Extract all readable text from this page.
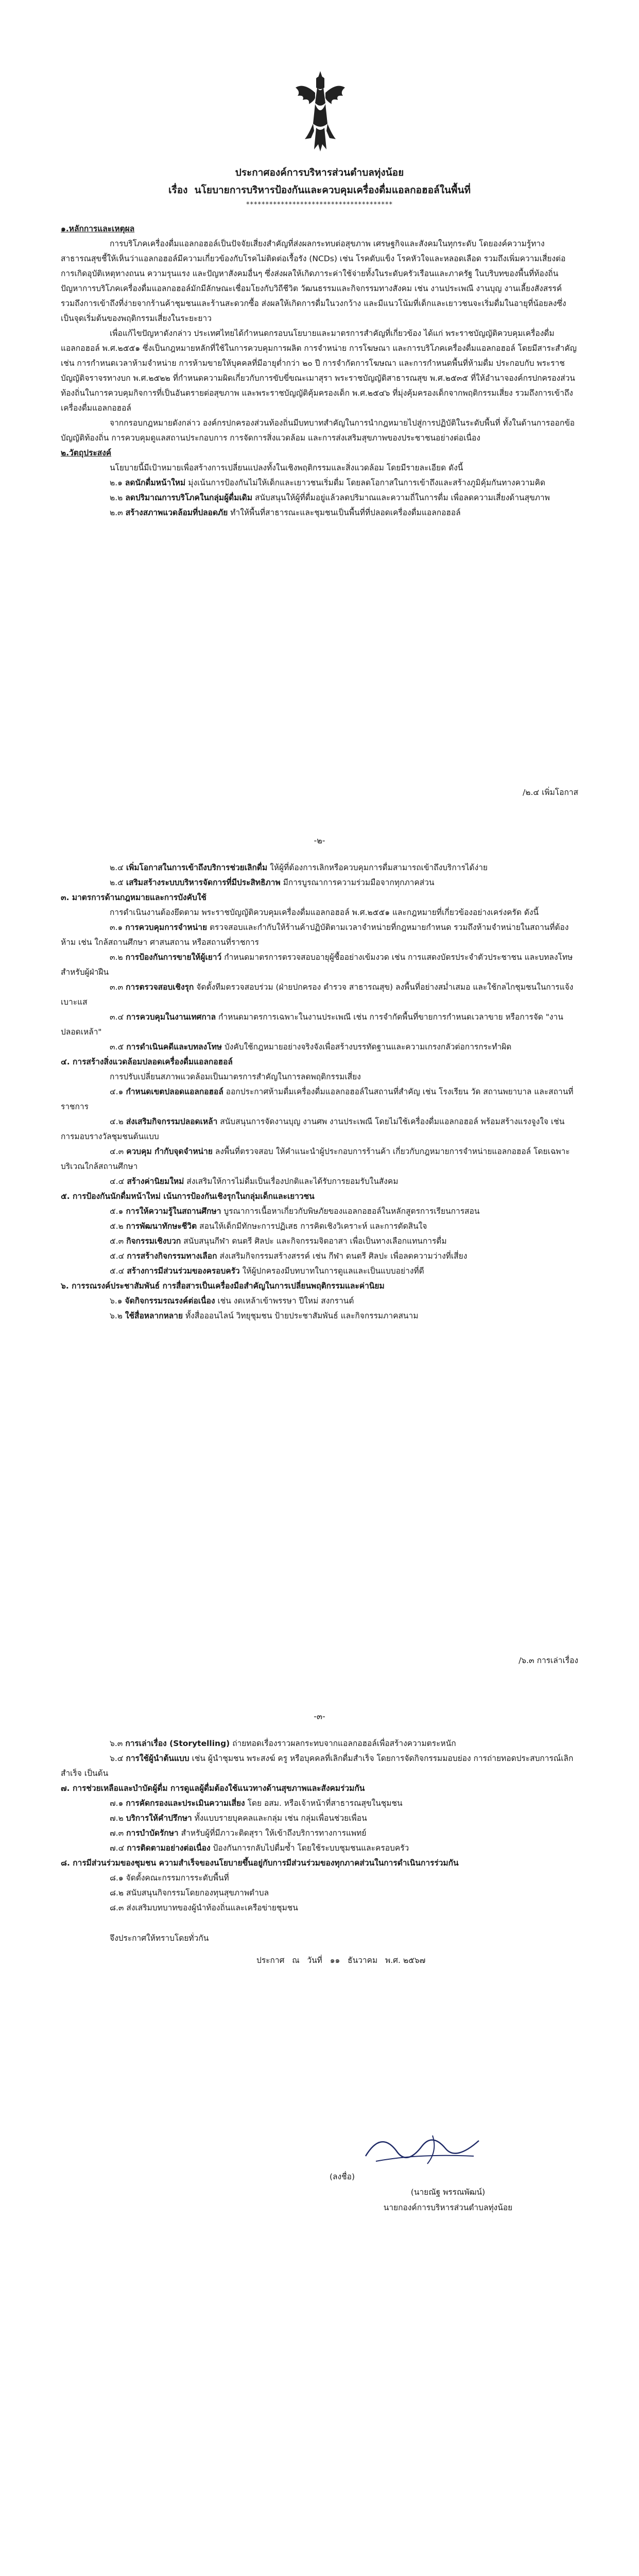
ประกาศองค์การบริหารส่วนตำบลทุ่งน้อย
เรื่อง นโยบายการบริหารป้องกันและควบคุมเครื่องดื่มแอลกอฮอล์ในพื้นที่
**************************************

๑.หลักการและเหตุผล

การบริโภคเครื่องดื่มแอลกอฮอล์เป็นปัจจัยเสี่ยงสำคัญที่ส่งผลกระทบต่อสุขภาพ เศรษฐกิจและสังคมในทุกระดับ โดยองค์ความรู้ทางสาธารณสุขชี้ให้เห็นว่าแอลกอฮอล์มีความเกี่ยวข้องกับโรคไม่ติดต่อเรื้อรัง (NCDs) เช่น โรคตับแข็ง โรคหัวใจและหลอดเลือด รวมถึงเพิ่มความเสี่ยงต่อการเกิดอุบัติเหตุทางถนน ความรุนแรง และปัญหาสังคมอื่นๆ ซึ่งส่งผลให้เกิดภาระค่าใช้จ่ายทั้งในระดับครัวเรือนและภาครัฐ ในบริบทของพื้นที่ท้องถิ่น ปัญหาการบริโภคเครื่องดื่มแอลกอฮอล์มักมีลักษณะเชื่อมโยงกับวิถีชีวิต วัฒนธรรมและกิจกรรมทางสังคม เช่น งานประเพณี งานบุญ งานเลี้ยงสังสรรค์ รวมถึงการเข้าถึงที่ง่ายจากร้านค้าชุมชนและร้านสะดวกซื้อ ส่งผลให้เกิดการดื่มในวงกว้าง และมีแนวโน้มที่เด็กและเยาวชนจะเริ่มดื่มในอายุที่น้อยลงซึ่งเป็นจุดเริ่มต้นของพฤติกรรมเสี่ยงในระยะยาว

เพื่อแก้ไขปัญหาดังกล่าว ประเทศไทยได้กำหนดกรอบนโยบายและมาตรการสำคัญที่เกี่ยวข้อง ได้แก่ พระราชบัญญัติควบคุมเครื่องดื่มแอลกอฮอล์ พ.ศ.๒๕๕๑ ซึ่งเป็นกฎหมายหลักที่ใช้ในการควบคุมการผลิต การจำหน่าย การโฆษณา และการบริโภคเครื่องดื่มแอลกอฮอล์ โดยมีสาระสำคัญ เช่น การกำหนดเวลาห้ามจำหน่าย การห้ามขายให้บุคคลที่มีอายุต่ำกว่า ๒๐ ปี การจำกัดการโฆษณา และการกำหนดพื้นที่ห้ามดื่ม ประกอบกับ พระราชบัญญัติจราจรทางบก พ.ศ.๒๕๒๒ ที่กำหนดความผิดเกี่ยวกับการขับขี่ขณะเมาสุรา พระราชบัญญัติสาธารณสุข พ.ศ.๒๕๓๕ ที่ให้อำนาจองค์กรปกครองส่วนท้องถิ่นในการควบคุมกิจการที่เป็นอันตรายต่อสุขภาพ และพระราชบัญญัติคุ้มครองเด็ก พ.ศ.๒๕๔๖ ที่มุ่งคุ้มครองเด็กจากพฤติกรรมเสี่ยง รวมถึงการเข้าถึงเครื่องดื่มแอลกอฮอล์

จากกรอบกฎหมายดังกล่าว องค์กรปกครองส่วนท้องถิ่นมีบทบาทสำคัญในการนำกฎหมายไปสู่การปฏิบัติในระดับพื้นที่ ทั้งในด้านการออกข้อบัญญัติท้องถิ่น การควบคุมดูแลสถานประกอบการ การจัดการสิ่งแวดล้อม และการส่งเสริมสุขภาพของประชาชนอย่างต่อเนื่อง

๒.วัตถุประสงค์

นโยบายนี้มีเป้าหมายเพื่อสร้างการเปลี่ยนแปลงทั้งในเชิงพฤติกรรมและสิ่งแวดล้อม โดยมีรายละเอียด ดังนี้

๒.๑ ลดนักดื่มหน้าใหม่ มุ่งเน้นการป้องกันไม่ให้เด็กและเยาวชนเริ่มดื่ม โดยลดโอกาสในการเข้าถึงและสร้างภูมิคุ้มกันทางความคิด

๒.๒ ลดปริมาณการบริโภคในกลุ่มผู้ดื่มเดิม สนับสนุนให้ผู้ที่ดื่มอยู่แล้วลดปริมาณและความถี่ในการดื่ม เพื่อลดความเสี่ยงด้านสุขภาพ

๒.๓ สร้างสภาพแวดล้อมที่ปลอดภัย ทำให้พื้นที่สาธารณะและชุมชนเป็นพื้นที่ที่ปลอดเครื่องดื่มแอลกอฮอล์

/๒.๔ เพิ่มโอกาส
-๒-

๒.๔ เพิ่มโอกาสในการเข้าถึงบริการช่วยเลิกดื่ม ให้ผู้ที่ต้องการเลิกหรือควบคุมการดื่มสามารถเข้าถึงบริการได้ง่าย

๒.๕ เสริมสร้างระบบบริหารจัดการที่มีประสิทธิภาพ มีการบูรณาการความร่วมมือจากทุกภาคส่วน

๓. มาตรการด้านกฎหมายและการบังคับใช้

การดำเนินงานต้องยึดตาม พระราชบัญญัติควบคุมเครื่องดื่มแอลกอฮอล์ พ.ศ.๒๕๕๑ และกฎหมายที่เกี่ยวข้องอย่างเคร่งครัด ดังนี้

๓.๑ การควบคุมการจำหน่าย ตรวจสอบและกำกับให้ร้านค้าปฏิบัติตามเวลาจำหน่ายที่กฎหมายกำหนด รวมถึงห้ามจำหน่ายในสถานที่ต้องห้าม เช่น ใกล้สถานศึกษา ศาสนสถาน หรือสถานที่ราชการ

๓.๒ การป้องกันการขายให้ผู้เยาว์ กำหนดมาตรการตรวจสอบอายุผู้ซื้ออย่างเข้มงวด เช่น การแสดงบัตรประจำตัวประชาชน และบทลงโทษสำหรับผู้ฝ่าฝืน

๓.๓ การตรวจสอบเชิงรุก จัดตั้งทีมตรวจสอบร่วม (ฝ่ายปกครอง ตำรวจ สาธารณสุข) ลงพื้นที่อย่างสม่ำเสมอ และใช้กลไกชุมชนในการแจ้งเบาะแส

๓.๔ การควบคุมในงานเทศกาล กำหนดมาตรการเฉพาะในงานประเพณี เช่น การจำกัดพื้นที่ขายการกำหนดเวลาขาย หรือการจัด "งานปลอดเหล้า"

๓.๕ การดำเนินคดีและบทลงโทษ บังคับใช้กฎหมายอย่างจริงจังเพื่อสร้างบรรทัดฐานและความเกรงกลัวต่อการกระทำผิด

๔. การสร้างสิ่งแวดล้อมปลอดเครื่องดื่มแอลกอฮอล์

การปรับเปลี่ยนสภาพแวดล้อมเป็นมาตรการสำคัญในการลดพฤติกรรมเสี่ยง

๔.๑ กำหนดเขตปลอดแอลกอฮอล์ ออกประกาศห้ามดื่มเครื่องดื่มแอลกอฮอล์ในสถานที่สำคัญ เช่น โรงเรียน วัด สถานพยาบาล และสถานที่ราชการ

๔.๒ ส่งเสริมกิจกรรมปลอดเหล้า สนับสนุนการจัดงานบุญ งานศพ งานประเพณี โดยไม่ใช้เครื่องดื่มแอลกอฮอล์ พร้อมสร้างแรงจูงใจ เช่น การมอบรางวัลชุมชนต้นแบบ

๔.๓ ควบคุม กำกับจุดจำหน่าย ลงพื้นที่ตรวจสอบ ให้คำแนะนำผู้ประกอบการร้านค้า เกี่ยวกับกฎหมายการจำหน่ายแอลกอฮอล์ โดยเฉพาะบริเวณใกล้สถานศึกษา

๔.๔ สร้างค่านิยมใหม่ ส่งเสริมให้การไม่ดื่มเป็นเรื่องปกติและได้รับการยอมรับในสังคม

๕. การป้องกันนักดื่มหน้าใหม่ เน้นการป้องกันเชิงรุกในกลุ่มเด็กและเยาวชน

๕.๑ การให้ความรู้ในสถานศึกษา บูรณาการเนื้อหาเกี่ยวกับพิษภัยของแอลกอฮอล์ในหลักสูตรการเรียนการสอน

๕.๒ การพัฒนาทักษะชีวิต สอนให้เด็กมีทักษะการปฏิเสธ การคิดเชิงวิเคราะห์ และการตัดสินใจ

๕.๓ กิจกรรมเชิงบวก สนับสนุนกีฬา ดนตรี ศิลปะ และกิจกรรมจิตอาสา เพื่อเป็นทางเลือกแทนการดื่ม

๕.๔ การสร้างกิจกรรมทางเลือก ส่งเสริมกิจกรรมสร้างสรรค์ เช่น กีฬา ดนตรี ศิลปะ เพื่อลดความว่างที่เสี่ยง

๕.๔ สร้างการมีส่วนร่วมของครอบครัว ให้ผู้ปกครองมีบทบาทในการดูแลและเป็นแบบอย่างที่ดี

๖. การรณรงค์ประชาสัมพันธ์ การสื่อสารเป็นเครื่องมือสำคัญในการเปลี่ยนพฤติกรรมและค่านิยม

๖.๑ จัดกิจกรรมรณรงค์ต่อเนื่อง เช่น งดเหล้าเข้าพรรษา ปีใหม่ สงกรานต์

๖.๒ ใช้สื่อหลากหลาย ทั้งสื่อออนไลน์ วิทยุชุมชน ป้ายประชาสัมพันธ์ และกิจกรรมภาคสนาม

/๖.๓ การเล่าเรื่อง
-๓-

๖.๓ การเล่าเรื่อง (Storytelling) ถ่ายทอดเรื่องราวผลกระทบจากแอลกอฮอล์เพื่อสร้างความตระหนัก

๖.๔ การใช้ผู้นำต้นแบบ เช่น ผู้นำชุมชน พระสงฆ์ ครู หรือบุคคลที่เลิกดื่มสำเร็จ โดยการจัดกิจกรรมมอบย่อง การถ่ายทอดประสบการณ์เลิกสำเร็จ เป็นต้น

๗. การช่วยเหลือและบำบัดผู้ดื่ม การดูแลผู้ดื่มต้องใช้แนวทางด้านสุขภาพและสังคมร่วมกัน

๗.๑ การคัดกรองและประเมินความเสี่ยง โดย อสม. หรือเจ้าหน้าที่สาธารณสุขในชุมชน

๗.๒ บริการให้คำปรึกษา ทั้งแบบรายบุคคลและกลุ่ม เช่น กลุ่มเพื่อนช่วยเพื่อน

๗.๓ การบำบัดรักษา สำหรับผู้ที่มีภาวะติดสุรา ให้เข้าถึงบริการทางการแพทย์

๗.๔ การติดตามอย่างต่อเนื่อง ป้องกันการกลับไปดื่มซ้ำ โดยใช้ระบบชุมชนและครอบครัว

๘. การมีส่วนร่วมของชุมชน ความสำเร็จของนโยบายขึ้นอยู่กับการมีส่วนร่วมของทุกภาคส่วนในการดำเนินการร่วมกัน

๘.๑ จัดตั้งคณะกรรมการระดับพื้นที่

๘.๒ สนับสนุนกิจกรรมโดยกองทุนสุขภาพตำบล

๘.๓ ส่งเสริมบทบาทของผู้นำท้องถิ่นและเครือข่ายชุมชน

จึงประกาศให้ทราบโดยทั่วกัน

ประกาศ ณ วันที่ ๑๑ ธันวาคม พ.ศ. ๒๕๖๗

(ลงชื่อ)
(นายณัฐ พรรณพัฒน์)
นายกองค์การบริหารส่วนตำบลทุ่งน้อย
